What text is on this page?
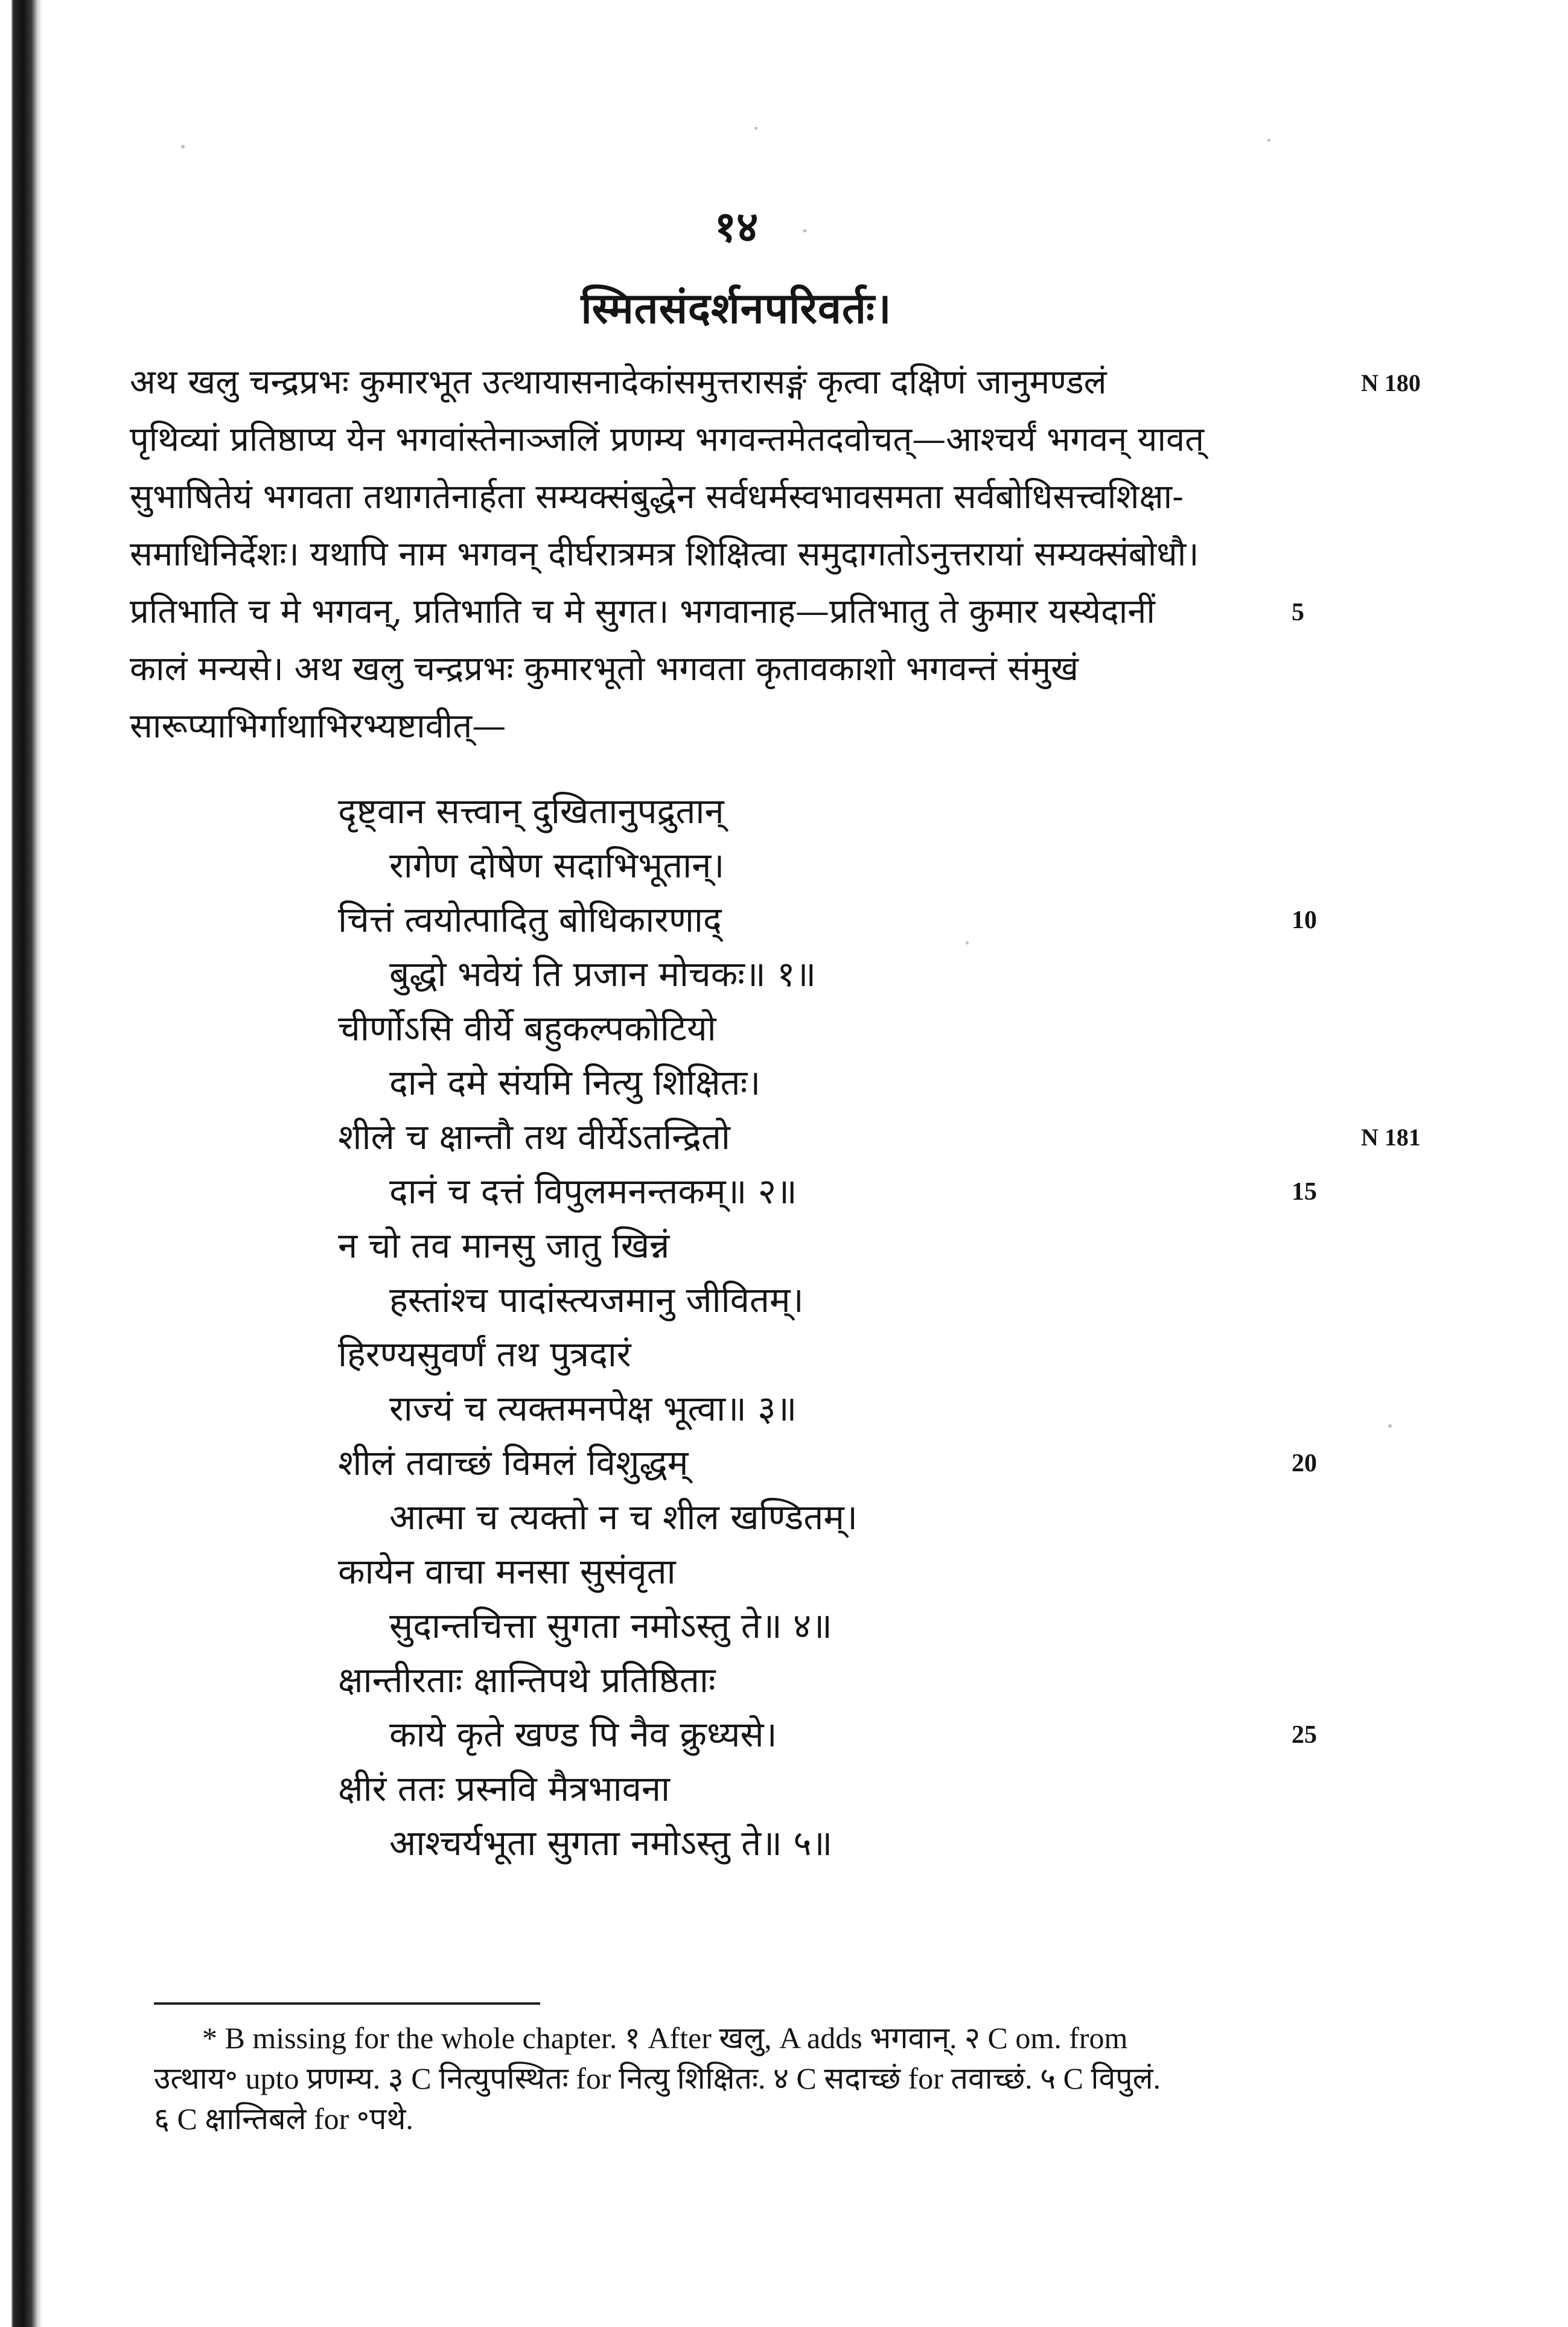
१४
स्मितसंदर्शनपरिवर्तः।
अथ खलु चन्द्रप्रभः कुमारभूत उत्थायासनादेकांसमुत्तरासङ्गं कृत्वा दक्षिणं जानुमण्डलं
पृथिव्यां प्रतिष्ठाप्य येन भगवांस्तेनाञ्जलिं प्रणम्य भगवन्तमेतदवोचत्—आश्चर्यं भगवन् यावत्
सुभाषितेयं भगवता तथागतेनार्हता सम्यक्संबुद्धेन सर्वधर्मस्वभावसमता सर्वबोधिसत्त्वशिक्षा-
समाधिनिर्देशः। यथापि नाम भगवन् दीर्घरात्रमत्र शिक्षित्वा समुदागतोऽनुत्तरायां सम्यक्संबोधौ।
प्रतिभाति च मे भगवन्, प्रतिभाति च मे सुगत। भगवानाह—प्रतिभातु ते कुमार यस्येदानीं
कालं मन्यसे। अथ खलु चन्द्रप्रभः कुमारभूतो भगवता कृतावकाशो भगवन्तं संमुखं
सारूप्याभिर्गाथाभिरभ्यष्टावीत्—
दृष्ट्वान सत्त्वान् दुखितानुपद्रुतान्
रागेण दोषेण सदाभिभूतान्।
चित्तं त्वयोत्पादितु बोधिकारणाद्
बुद्धो भवेयं ति प्रजान मोचकः॥ १॥
चीर्णोऽसि वीर्ये बहुकल्पकोटियो
दाने दमे संयमि नित्यु शिक्षितः।
शीले च क्षान्तौ तथ वीर्येऽतन्द्रितो
दानं च दत्तं विपुलमनन्तकम्॥ २॥
न चो तव मानसु जातु खिन्नं
हस्तांश्च पादांस्त्यजमानु जीवितम्।
हिरण्यसुवर्णं तथ पुत्रदारं
राज्यं च त्यक्तमनपेक्ष भूत्वा॥ ३॥
शीलं तवाच्छं विमलं विशुद्धम्
आत्मा च त्यक्तो न च शील खण्डितम्।
कायेन वाचा मनसा सुसंवृता
सुदान्तचित्ता सुगता नमोऽस्तु ते॥ ४॥
क्षान्तीरताः क्षान्तिपथे प्रतिष्ठिताः
काये कृते खण्ड पि नैव क्रुध्यसे।
क्षीरं ततः प्रस्नवि मैत्रभावना
आश्चर्यभूता सुगता नमोऽस्तु ते॥ ५॥
N 180
N 181
5
10
15
20
25
* B missing for the whole chapter. १ After खलु, A adds भगवान्. २ C om. from
उत्थाय॰ upto प्रणम्य. ३ C नित्युपस्थितः for नित्यु शिक्षितः. ४ C सदाच्छं for तवाच्छं. ५ C विपुलं.
६ C क्षान्तिबले for ॰पथे.
